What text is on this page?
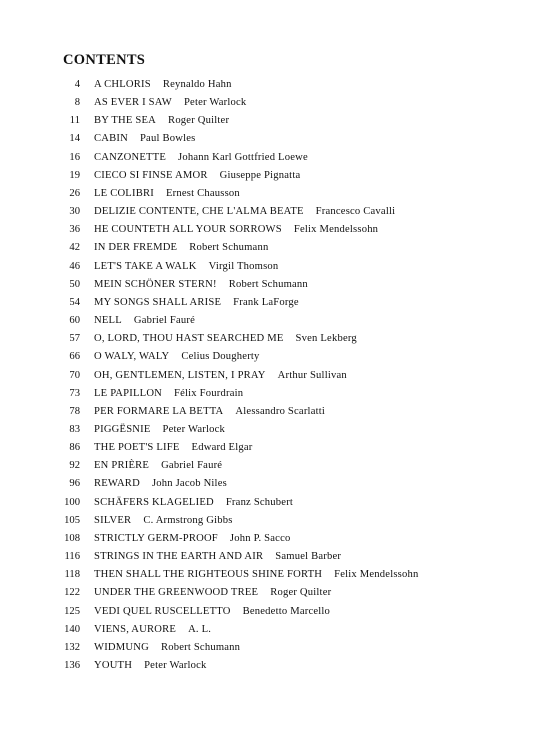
CONTENTS
4 A CHLORIS Reynaldo Hahn
8 AS EVER I SAW Peter Warlock
11 BY THE SEA Roger Quilter
14 CABIN Paul Bowles
16 CANZONETTE Johann Karl Gottfried Loewe
19 CIECO SI FINSE AMOR Giuseppe Pignatta
26 LE COLIBRI Ernest Chausson
30 DELIZIE CONTENTE, CHE L'ALMA BEATE Francesco Cavalli
36 HE COUNTETH ALL YOUR SORROWS Felix Mendelssohn
42 IN DER FREMDE Robert Schumann
46 LET'S TAKE A WALK Virgil Thomson
50 MEIN SCHÖNER STERN! Robert Schumann
54 MY SONGS SHALL ARISE Frank LaForge
60 NELL Gabriel Fauré
57 O, LORD, THOU HAST SEARCHED ME Sven Lekberg
66 O WALY, WALY Celius Dougherty
70 OH, GENTLEMEN, LISTEN, I PRAY Arthur Sullivan
73 LE PAPILLON Félix Fourdrain
78 PER FORMARE LA BETTA Alessandro Scarlatti
83 PIGGËSNIE Peter Warlock
86 THE POET'S LIFE Edward Elgar
92 EN PRIÈRE Gabriel Fauré
96 REWARD John Jacob Niles
100 SCHÄFERS KLAGELIED Franz Schubert
105 SILVER C. Armstrong Gibbs
108 STRICTLY GERM-PROOF John P. Sacco
116 STRINGS IN THE EARTH AND AIR Samuel Barber
118 THEN SHALL THE RIGHTEOUS SHINE FORTH Felix Mendelssohn
122 UNDER THE GREENWOOD TREE Roger Quilter
125 VEDI QUEL RUSCELLETTO Benedetto Marcello
140 VIENS, AURORE A. L.
132 WIDMUNG Robert Schumann
136 YOUTH Peter Warlock
